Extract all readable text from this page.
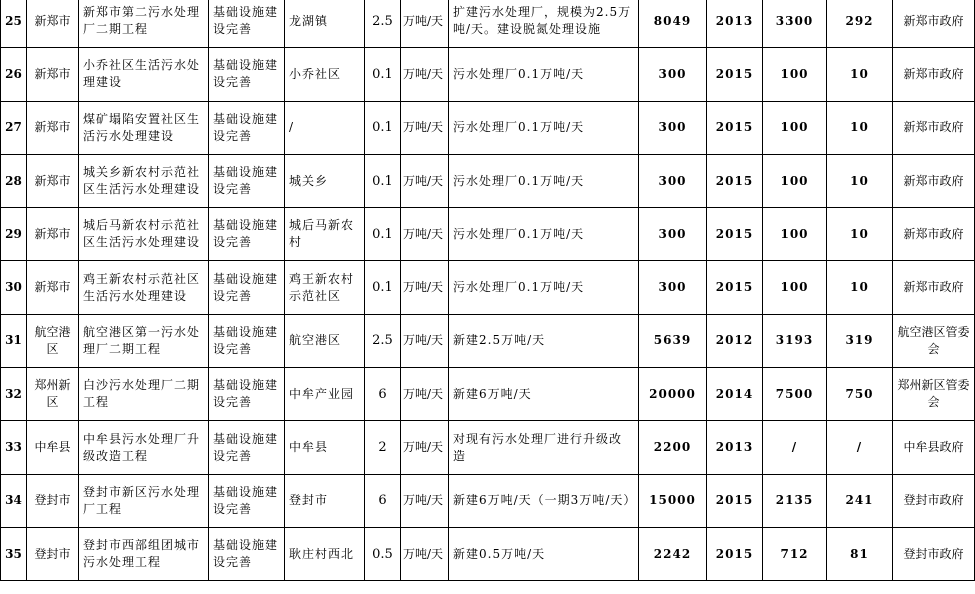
25	新郑市	新郑市第二污水处理厂二期工程	基础设施建设完善	龙湖镇	2.5	万吨/天	扩建污水处理厂，规模为2.5万吨/天。建设脱氮处理设施	8049	2013	3300	292	新郑市政府
26	新郑市	小乔社区生活污水处理建设	基础设施建设完善	小乔社区	0.1	万吨/天	污水处理厂0.1万吨/天	300	2015	100	10	新郑市政府
27	新郑市	煤矿塌陷安置社区生活污水处理建设	基础设施建设完善	/	0.1	万吨/天	污水处理厂0.1万吨/天	300	2015	100	10	新郑市政府
28	新郑市	城关乡新农村示范社区生活污水处理建设	基础设施建设完善	城关乡	0.1	万吨/天	污水处理厂0.1万吨/天	300	2015	100	10	新郑市政府
29	新郑市	城后马新农村示范社区生活污水处理建设	基础设施建设完善	城后马新农村	0.1	万吨/天	污水处理厂0.1万吨/天	300	2015	100	10	新郑市政府
30	新郑市	鸡王新农村示范社区生活污水处理建设	基础设施建设完善	鸡王新农村示范社区	0.1	万吨/天	污水处理厂0.1万吨/天	300	2015	100	10	新郑市政府
31	航空港区	航空港区第一污水处理厂二期工程	基础设施建设完善	航空港区	2.5	万吨/天	新建2.5万吨/天	5639	2012	3193	319	航空港区管委会
32	郑州新区	白沙污水处理厂二期工程	基础设施建设完善	中牟产业园	6	万吨/天	新建6万吨/天	20000	2014	7500	750	郑州新区管委会
33	中牟县	中牟县污水处理厂升级改造工程	基础设施建设完善	中牟县	2	万吨/天	对现有污水处理厂进行升级改造	2200	2013	/	/	中牟县政府
34	登封市	登封市新区污水处理厂工程	基础设施建设完善	登封市	6	万吨/天	新建6万吨/天（一期3万吨/天）	15000	2015	2135	241	登封市政府
35	登封市	登封市西部组团城市污水处理工程	基础设施建设完善	耿庄村西北	0.5	万吨/天	新建0.5万吨/天	2242	2015	712	81	登封市政府
